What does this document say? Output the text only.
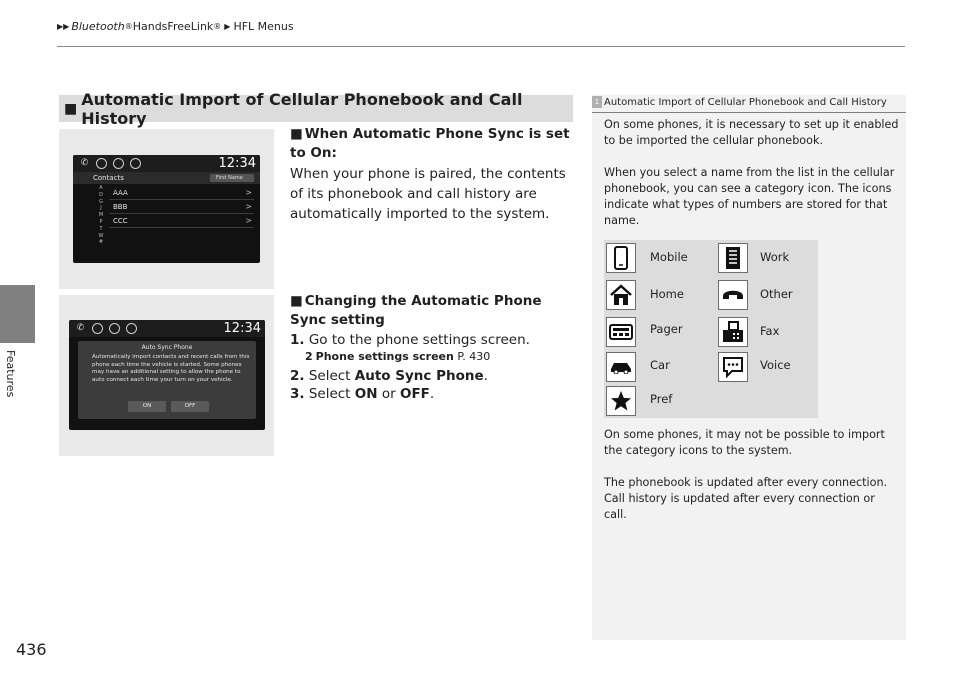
▶▶ Bluetooth ® HandsFreeLink ® ▶ HFL Menus
Features
436
■ Automatic Import of Cellular Phonebook and Call History
✆	12:34
Contacts	First Name
A
D
G
J
M
P
T
W
#
AAA	>
BBB	>
CCC	>
✆	12:34
Auto Sync Phone
Automatically import contacts and recent calls from this phone each time the vehicle is started. Some phones may have an additional setting to allow the phone to auto connect each time your turn on your vehicle.
ON	OFF
■ When Automatic Phone Sync is set to On:
When your phone is paired, the contents of its phonebook and call history are automatically imported to the system.
■ Changing the Automatic Phone Sync setting
1. Go to the phone settings screen.
2 Phone settings screen P. 430
2. Select Auto Sync Phone.
3. Select ON or OFF.
1 Automatic Import of Cellular Phonebook and Call History
On some phones, it is necessary to set up it enabled to be imported the cellular phonebook.
When you select a name from the list in the cellular phonebook, you can see a category icon. The icons indicate what types of numbers are stored for that name.
Mobile	Work
Home	Other
Pager	Fax
Car	Voice
Pref
On some phones, it may not be possible to import the category icons to the system.
The phonebook is updated after every connection. Call history is updated after every connection or call.
